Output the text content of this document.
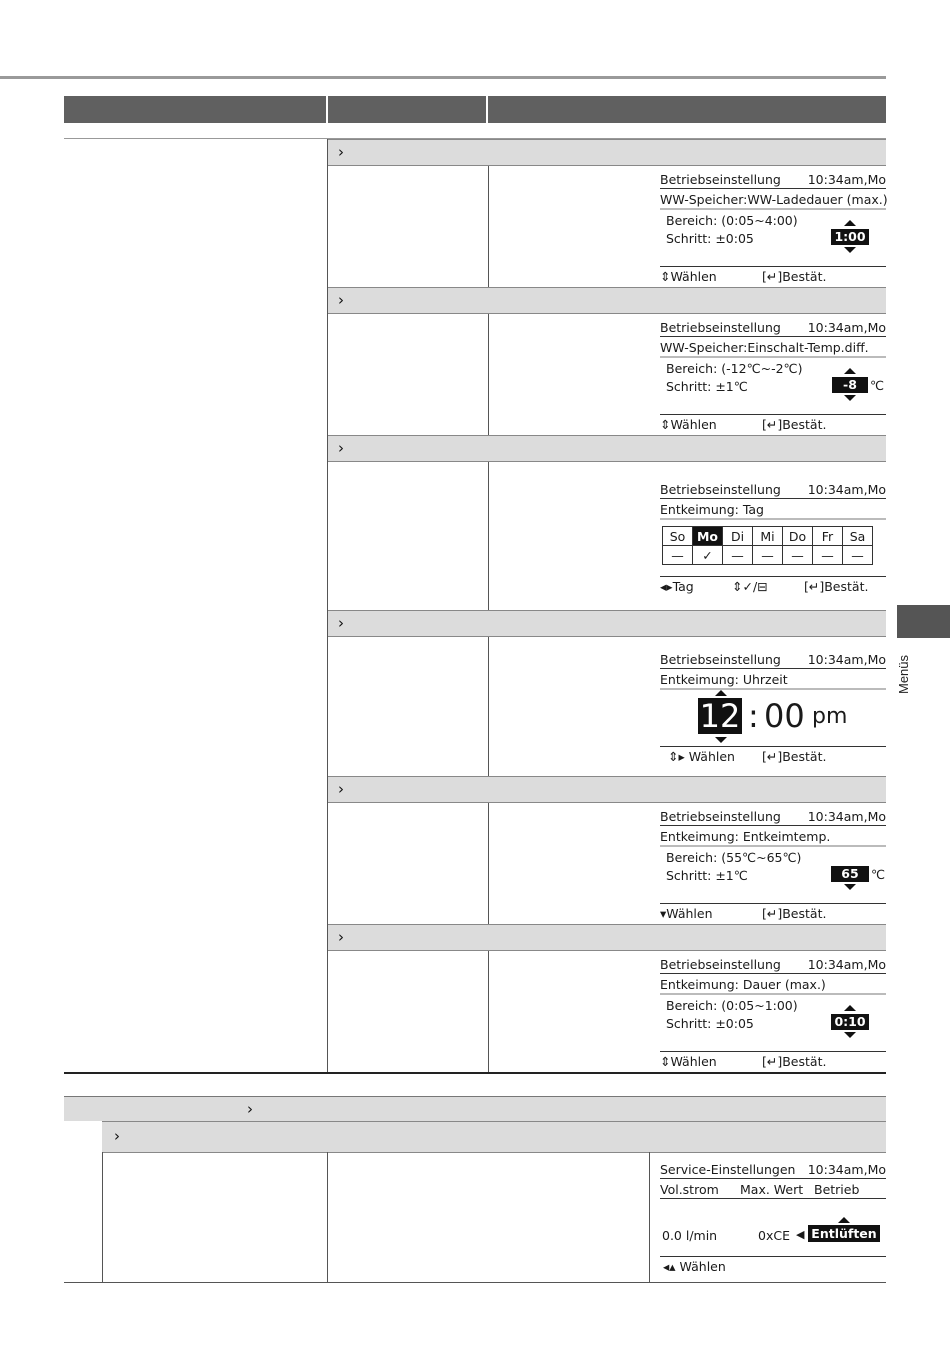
›
›
›
›
›
›
Betriebseinstellung 10:34am,Mo
WW-Speicher:WW-Ladedauer (max.)
Bereich: (0:05~4:00)
Schritt: ±0:05	1:00
⇕Wählen	[↵]Bestät.
Betriebseinstellung 10:34am,Mo
WW-Speicher:Einschalt-Temp.diff.
Bereich: (-12℃~-2℃)
Schritt: ±1℃	-8	℃
⇕Wählen	[↵]Bestät.
Betriebseinstellung 10:34am,Mo
Entkeimung: Tag
So	Mo	Di	Mi	Do	Fr	Sa
—	✓	—	—	—	—	—
◂▸Tag	⇕✓/⊟	[↵]Bestät.
Betriebseinstellung 10:34am,Mo
Entkeimung: Uhrzeit
12 : 00 pm
⇕▸ Wählen [↵]Bestät.
Betriebseinstellung 10:34am,Mo
Entkeimung: Entkeimtemp.
Bereich: (55℃~65℃)
Schritt: ±1℃	65 ℃
▾Wählen	[↵]Bestät.
Betriebseinstellung 10:34am,Mo
Entkeimung: Dauer (max.)
Bereich: (0:05~1:00)
Schritt: ±0:05	0:10
⇕Wählen	[↵]Bestät.
›
›
Service-Einstellungen 10:34am,Mo
Vol.strom Max. Wert Betrieb
0.0 l/min	0xCE ◀ Entlüften
◂▴ Wählen
Menüs
